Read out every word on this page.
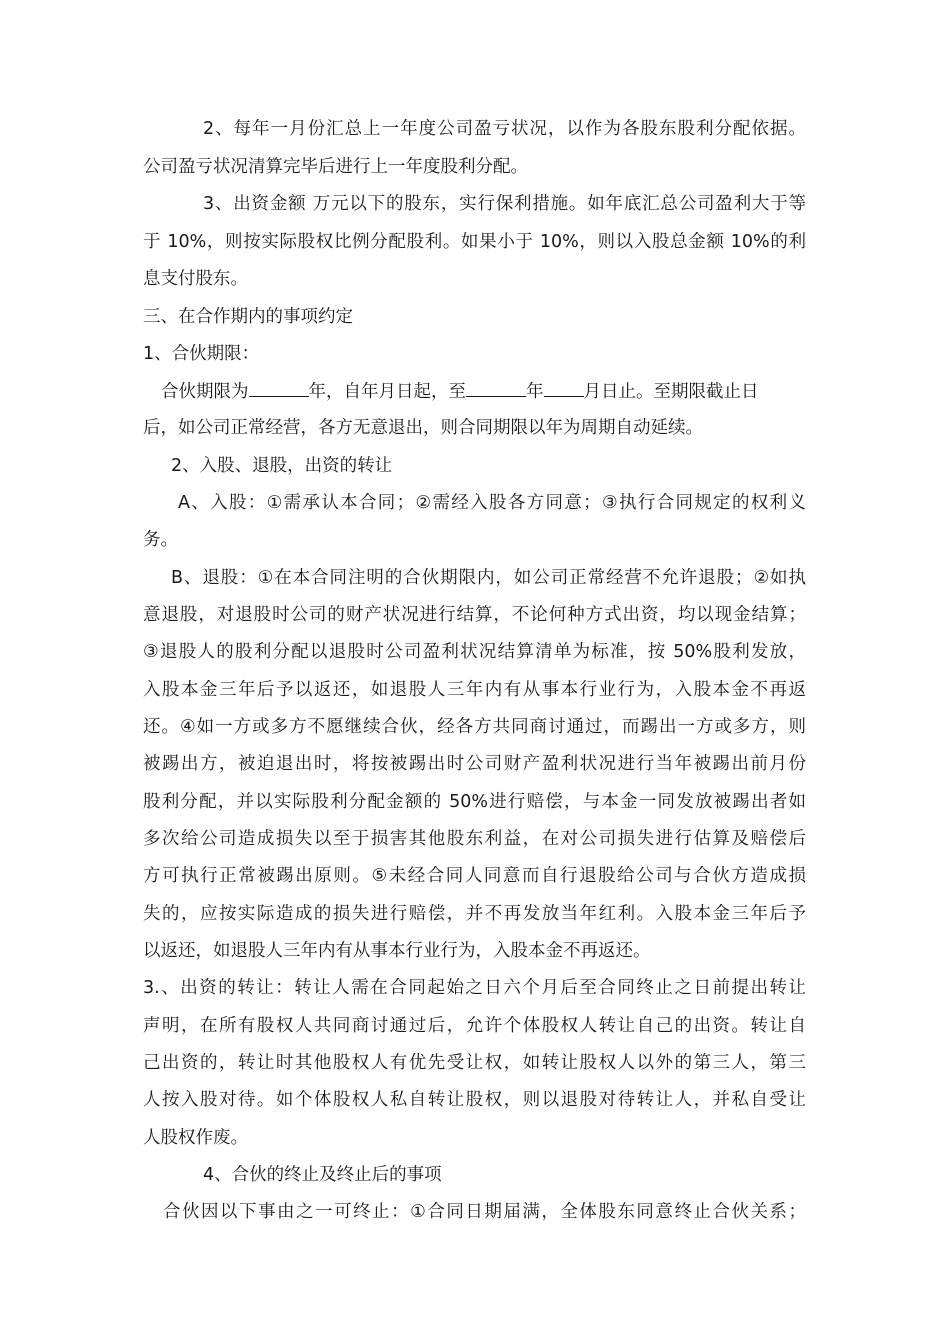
2、每年一月份汇总上一年度公司盈亏状况，以作为各股东股利分配依据。
公司盈亏状况清算完毕后进行上一年度股利分配。
3、出资金额 万元以下的股东，实行保利措施。如年底汇总公司盈利大于等
于 10%，则按实际股权比例分配股利。如果小于 10%，则以入股总金额 10%的利
息支付股东。
三、在合作期内的事项约定
1、合伙期限：
合伙期限为	年，自年月日起，至	年 月日止。至期限截止日
后，如公司正常经营，各方无意退出，则合同期限以年为周期自动延续。
2、入股、退股，出资的转让
A、入股：①需承认本合同；②需经入股各方同意；③执行合同规定的权利义
务。
B、退股：①在本合同注明的合伙期限内，如公司正常经营不允许退股；②如执
意退股，对退股时公司的财产状况进行结算，不论何种方式出资，均以现金结算；
③退股人的股利分配以退股时公司盈利状况结算清单为标准，按 50%股利发放，
入股本金三年后予以返还，如退股人三年内有从事本行业行为，入股本金不再返
还。④如一方或多方不愿继续合伙，经各方共同商讨通过，而踢出一方或多方，则
被踢出方，被迫退出时，将按被踢出时公司财产盈利状况进行当年被踢出前月份
股利分配，并以实际股利分配金额的 50%进行赔偿，与本金一同发放被踢出者如
多次给公司造成损失以至于损害其他股东利益，在对公司损失进行估算及赔偿后
方可执行正常被踢出原则。⑤未经合同人同意而自行退股给公司与合伙方造成损
失的，应按实际造成的损失进行赔偿，并不再发放当年红利。入股本金三年后予
以返还，如退股人三年内有从事本行业行为，入股本金不再返还。
3.、出资的转让：转让人需在合同起始之日六个月后至合同终止之日前提出转让
声明，在所有股权人共同商讨通过后，允许个体股权人转让自己的出资。转让自
己出资的，转让时其他股权人有优先受让权，如转让股权人以外的第三人，第三
人按入股对待。如个体股权人私自转让股权，则以退股对待转让人，并私自受让
人股权作废。
4、合伙的终止及终止后的事项
合伙因以下事由之一可终止：①合同日期届满，全体股东同意终止合伙关系；
